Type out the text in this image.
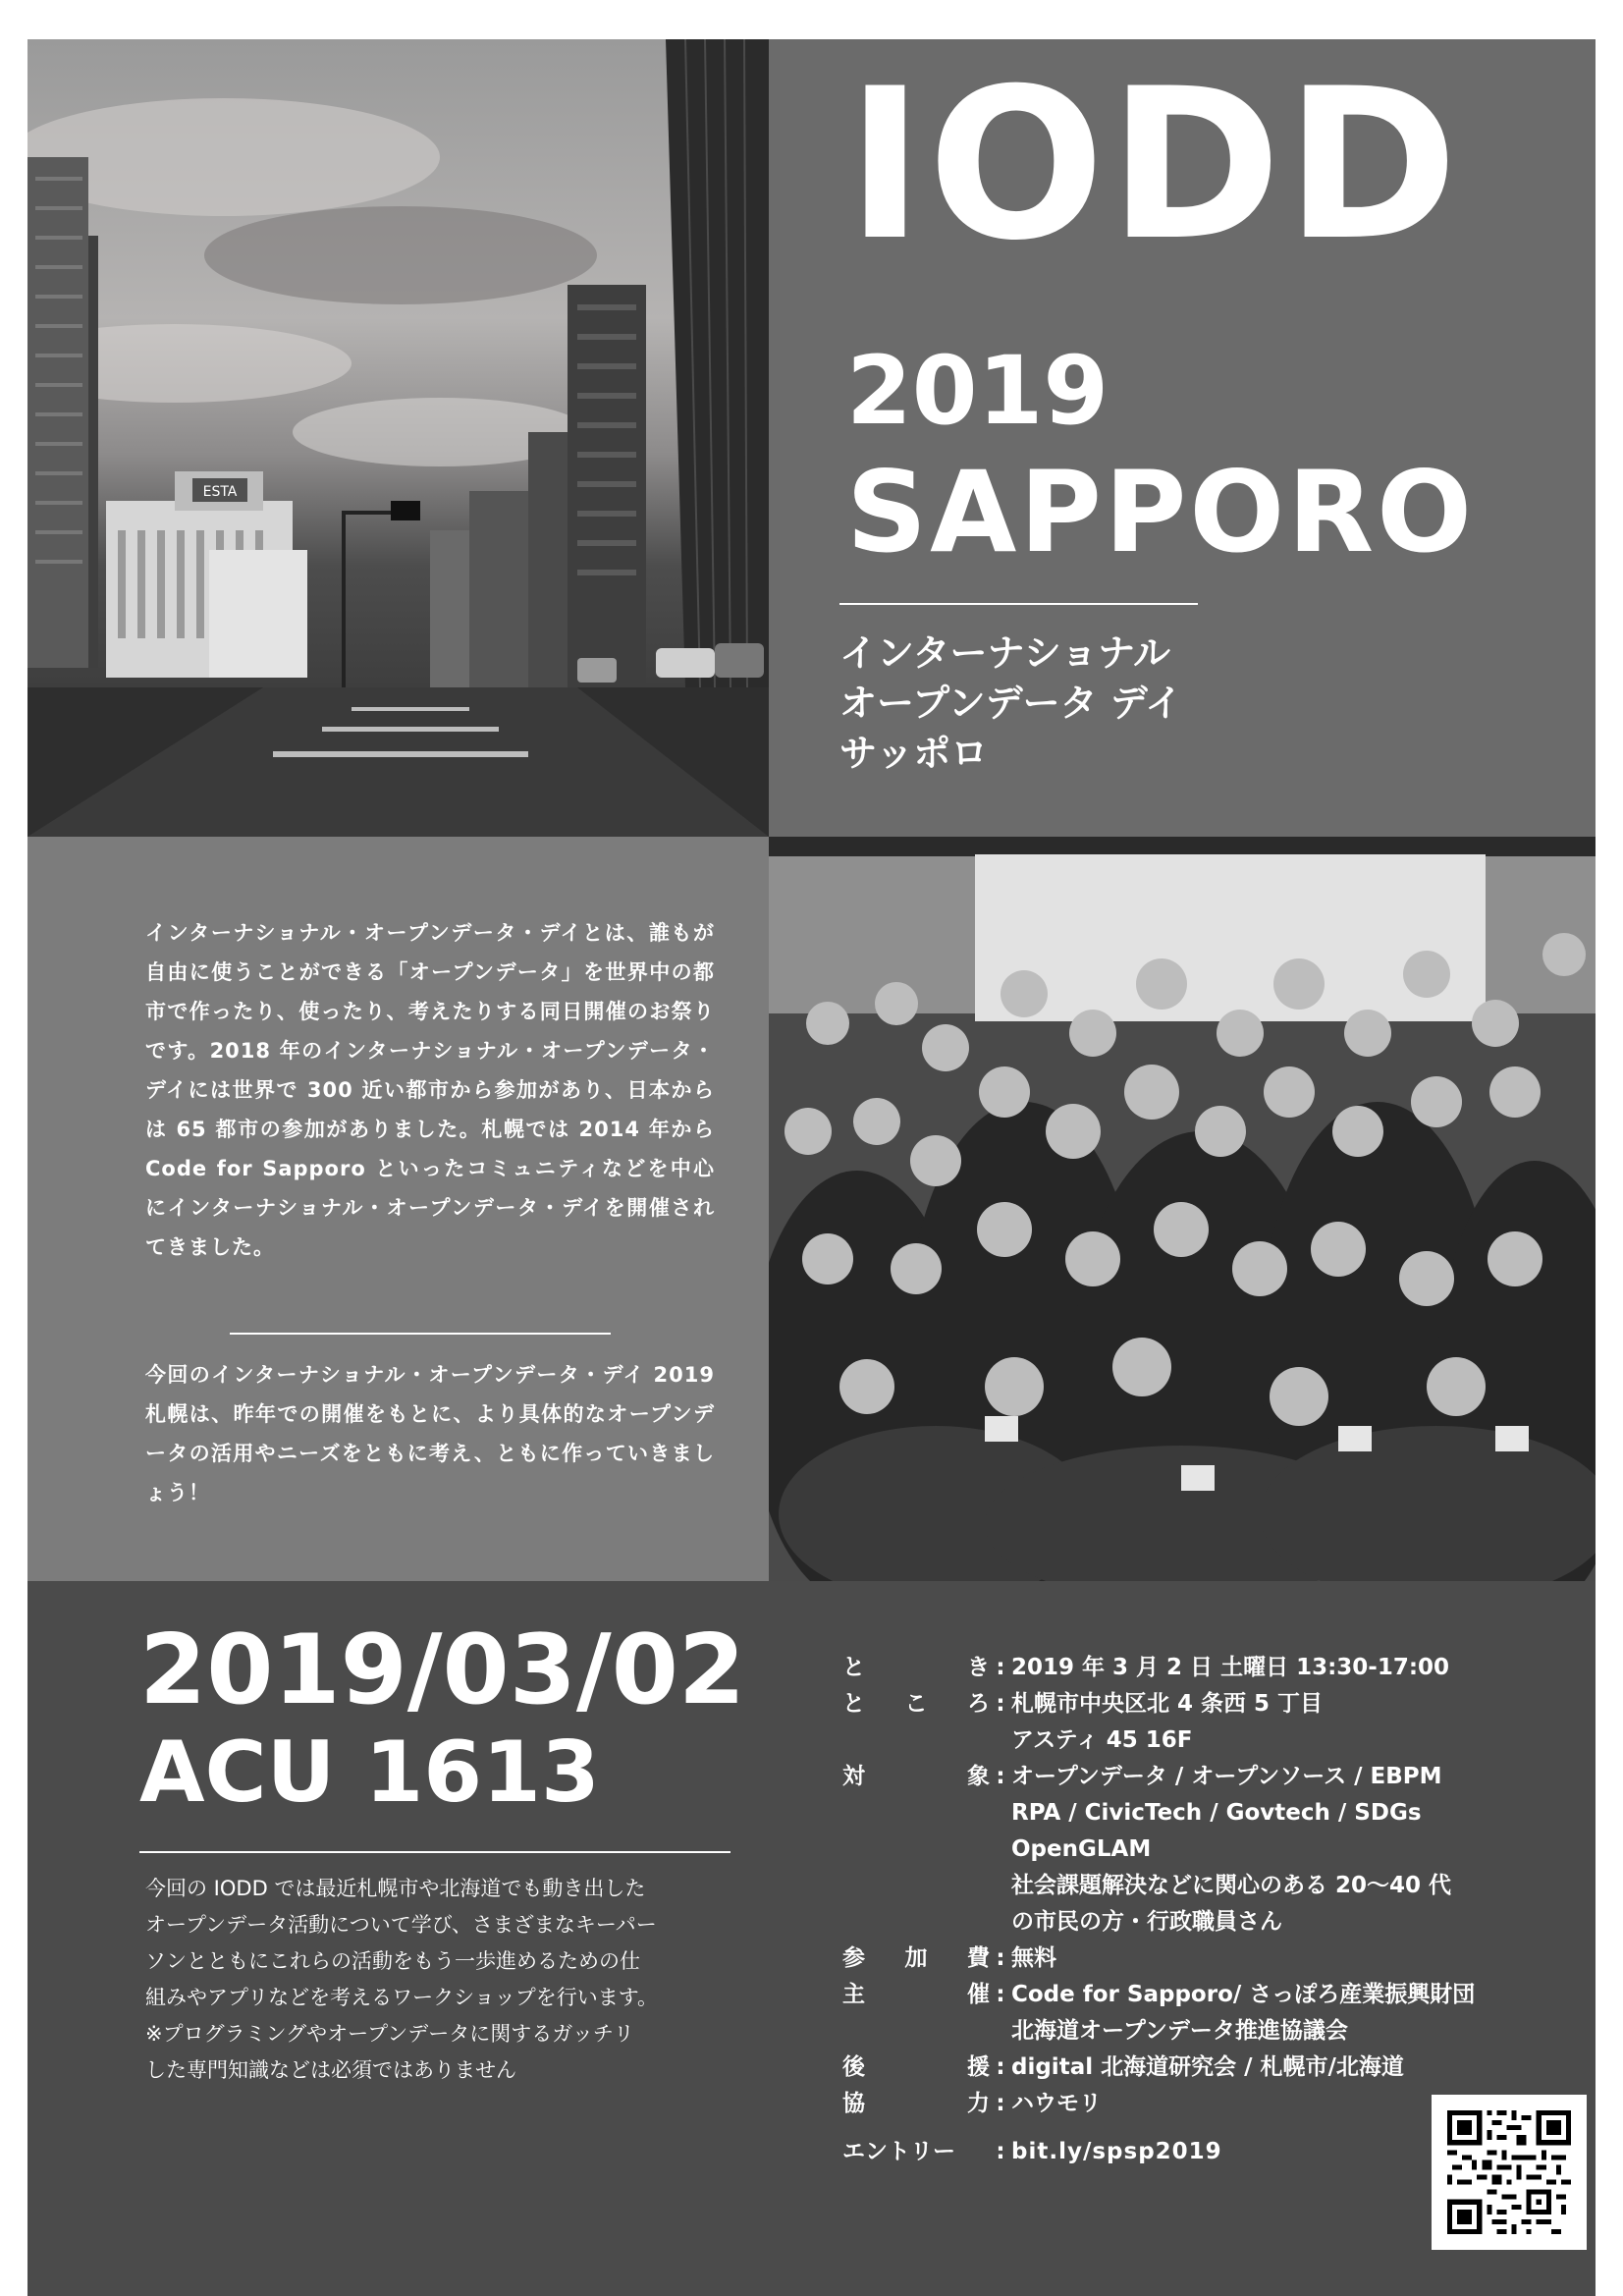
ESTA
IODD
2019
SAPPORO
インターナショナル
オープンデータ デイ
サッポロ
インターナショナル・オープンデータ・デイとは、誰もが自由に使うことができる「オープンデータ」を世界中の都市で作ったり、使ったり、考えたりする同日開催のお祭りです。2018 年のインターナショナル・オープンデータ・デイには世界で 300 近い都市から参加があり、日本からは 65 都市の参加がありました。札幌では 2014 年から Code for Sapporo といったコミュニティなどを中心にインターナショナル・オープンデータ・デイを開催されてきました。
今回のインターナショナル・オープンデータ・デイ 2019 札幌は、昨年での開催をもとに、より具体的なオープンデータの活用やニーズをともに考え、ともに作っていきましょう！
2019/03/02
ACU 1613
今回の IODD では最近札幌市や北海道でも動き出した
オープンデータ活動について学び、さまざまなキーパー
ソンとともにこれらの活動をもう一歩進めるための仕
組みやアプリなどを考えるワークショップを行います。
※プログラミングやオープンデータに関するガッチリ
した専門知識などは必須ではありません
と	き : 2019 年 3 月 2 日 土曜日 13:30-17:00
と こ ろ : 札幌市中央区北 4 条西 5 丁目
アスティ 45 16F
対	象 : オープンデータ / オープンソース / EBPM
RPA / CivicTech / Govtech / SDGs
OpenGLAM
社会課題解決などに関心のある 20〜40 代
の市民の方・行政職員さん
参 加 費 : 無料
主	催 : Code for Sapporo/ さっぽろ産業振興財団
北海道オープンデータ推進協議会
後	援 : digital 北海道研究会 / 札幌市/北海道
協	力 : ハウモリ
エントリー : bit.ly/spsp2019
